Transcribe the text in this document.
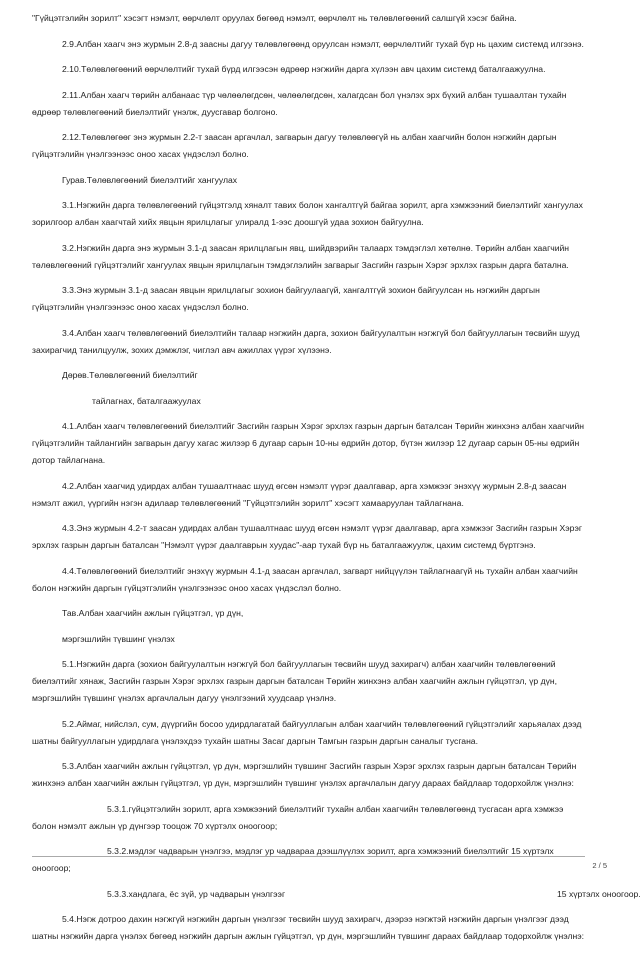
"Гүйцэтгэлийн зорилт" хэсэгт нэмэлт, өөрчлөлт оруулах бөгөөд нэмэлт, өөрчлөлт нь төлөвлөгөөний салшгүй хэсэг байна.

2.9.Албан хаагч энэ журмын 2.8-д заасны дагуу төлөвлөгөөнд оруулсан нэмэлт, өөрчлөлтийг тухай бүр нь цахим системд илгээнэ.

2.10.Төлөвлөгөөний өөрчлөлтийг тухай бүрд илгээсэн өдрөөр нэгжийн дарга хүлээн авч цахим системд баталгаажуулна.

2.11.Албан хаагч төрийн албанаас түр чөлөөлөгдсөн, чөлөөлөгдсөн, халагдсан бол үнэлэх эрх бүхий албан тушаалтан тухайн өдрөөр төлөвлөгөөний биелэлтийг үнэлж, дуусгавар болгоно.

2.12.Төлөвлөгөөг энэ журмын 2.2-т заасан аргачлал, загварын дагуу төлөвлөөгүй нь албан хаагчийн болон нэгжийн даргын гүйцэтгэлийн үнэлгээнээс оноо хасах үндэслэл болно.

Гурав.Төлөвлөгөөний биелэлтийг хангуулах

3.1.Нэгжийн дарга төлөвлөгөөний гүйцэтгэлд хяналт тавих болон хангалтгүй байгаа зорилт, арга хэмжээний биелэлтийг хангуулах зорилгоор албан хаагчтай хийх явцын ярилцлагыг улиралд 1-ээс доошгүй удаа зохион байгуулна.

3.2.Нэгжийн дарга энэ журмын 3.1-д заасан ярилцлагын явц, шийдвэрийн талаарх тэмдэглэл хөтөлнө. Төрийн албан хаагчийн төлөвлөгөөний гүйцэтгэлийг хангуулах явцын ярилцлагын тэмдэглэлийн загварыг Засгийн газрын Хэрэг эрхлэх газрын дарга батална.

3.3.Энэ журмын 3.1-д заасан явцын ярилцлагыг зохион байгуулаагүй, хангалтгүй зохион байгуулсан нь нэгжийн даргын гүйцэтгэлийн үнэлгээнээс оноо хасах үндэслэл болно.

3.4.Албан хаагч төлөвлөгөөний биелэлтийн талаар нэгжийн дарга, зохион байгуулалтын нэгжгүй бол байгууллагын төсвийн шууд захирагчид танилцуулж, зохих дэмжлэг, чиглэл авч ажиллах үүрэг хүлээнэ.

Дөрөв.Төлөвлөгөөний биелэлтийг

тайлагнах, баталгаажуулах

4.1.Албан хаагч төлөвлөгөөний биелэлтийг Засгийн газрын Хэрэг эрхлэх газрын даргын баталсан Төрийн жинхэнэ албан хаагчийн гүйцэтгэлийн тайлангийн загварын дагуу хагас жилээр 6 дугаар сарын 10-ны өдрийн дотор, бүтэн жилээр 12 дугаар сарын 05-ны өдрийн дотор тайлагнана.

4.2.Албан хаагчид удирдах албан тушаалтнаас шууд өгсөн нэмэлт үүрэг даалгавар, арга хэмжээг энэхүү журмын 2.8-д заасан нэмэлт ажил, үүргийн нэгэн адилаар төлөвлөгөөний "Гүйцэтгэлийн зорилт" хэсэгт хамааруулан тайлагнана.

4.3.Энэ журмын 4.2-т заасан удирдах албан тушаалтнаас шууд өгсөн нэмэлт үүрэг даалгавар, арга хэмжээг Засгийн газрын Хэрэг эрхлэх газрын даргын баталсан "Нэмэлт үүрэг даалгаврын хуудас"-аар тухай бүр нь баталгаажуулж, цахим системд бүртгэнэ.

4.4.Төлөвлөгөөний биелэлтийг энэхүү журмын 4.1-д заасан аргачлал, загварт нийцүүлэн тайлагнаагүй нь тухайн албан хаагчийн болон нэгжийн даргын гүйцэтгэлийн үнэлгээнээс оноо хасах үндэслэл болно.

Тав.Албан хаагчийн ажлын гүйцэтгэл, үр дүн,

мэргэшлийн түвшинг үнэлэх

5.1.Нэгжийн дарга (зохион байгуулалтын нэгжгүй бол байгууллагын төсвийн шууд захирагч) албан хаагчийн төлөвлөгөөний биелэлтийг хянаж, Засгийн газрын Хэрэг эрхлэх газрын даргын баталсан Төрийн жинхэнэ албан хаагчийн ажлын гүйцэтгэл, үр дүн, мэргэшлийн түвшинг үнэлэх аргачлалын дагуу үнэлгээний хуудсаар үнэлнэ.

5.2.Аймаг, нийслэл, сум, дүүргийн босоо удирдлагатай байгууллагын албан хаагчийн төлөвлөгөөний гүйцэтгэлийг харьяалах дээд шатны байгууллагын удирдлага үнэлэхдээ тухайн шатны Засаг даргын Тамгын газрын даргын саналыг тусгана.

5.3.Албан хаагчийн ажлын гүйцэтгэл, үр дүн, мэргэшлийн түвшинг Засгийн газрын Хэрэг эрхлэх газрын даргын баталсан Төрийн жинхэнэ албан хаагчийн ажлын гүйцэтгэл, үр дүн, мэргэшлийн түвшинг үнэлэх аргачлалын дагуу дараах байдлаар тодорхойлж үнэлнэ:

5.3.1.гүйцэтгэлийн зорилт, арга хэмжээний биелэлтийг тухайн албан хаагчийн төлөвлөгөөнд тусгасан арга хэмжээ болон нэмэлт ажлын үр дүнгээр тооцож 70 хүртэлх оноогоор;

5.3.2.мэдлэг чадварын үнэлгээ, мэдлэг ур чадвараа дээшлүүлэх зорилт, арга хэмжээний биелэлтийг 15 хүртэлх оноогоор;

5.3.3.хандлага, ёс зүй, ур чадварын үнэлгээг	15 хүртэлх оноогоор.

5.4.Нэгж дотроо дахин нэгжгүй нэгжийн даргын үнэлгээг төсвийн шууд захирагч, дээрээ нэгжтэй нэгжийн даргын үнэлгээг дээд шатны нэгжийн дарга үнэлэх бөгөөд нэгжийн даргын ажлын гүйцэтгэл, үр дүн, мэргэшлийн түвшинг дараах байдлаар тодорхойлж үнэлнэ:

2 / 5
